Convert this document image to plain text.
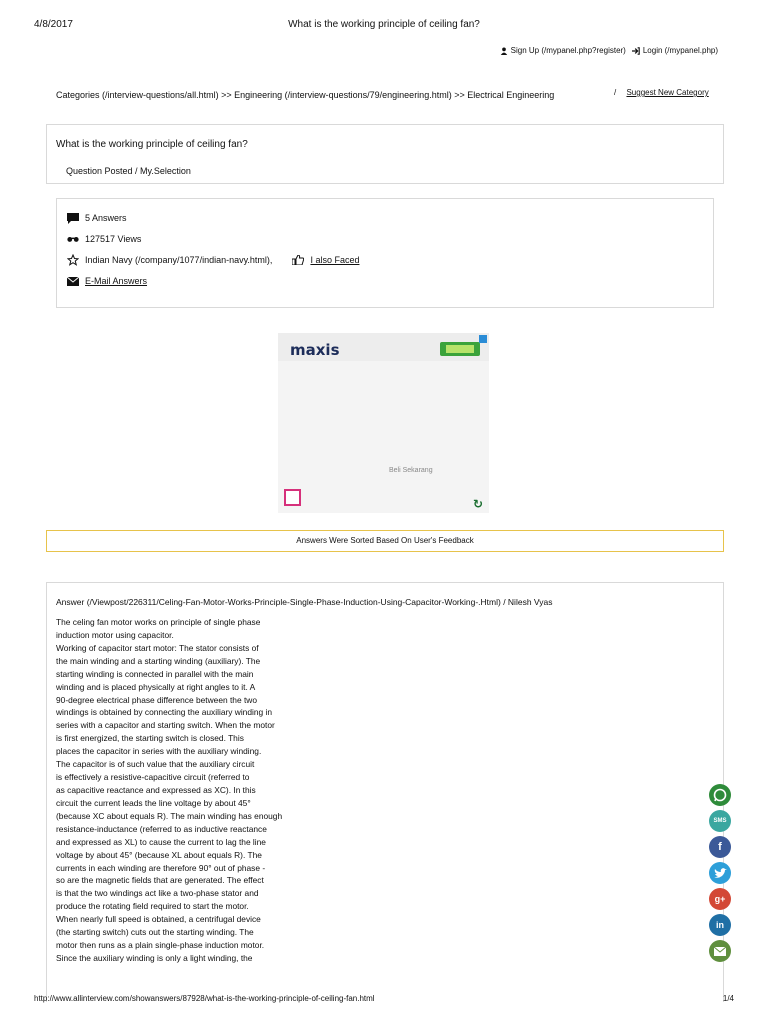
4/8/2017	What is the working principle of ceiling fan?
Sign Up (/mypanel.php?register) Login (/mypanel.php)
Categories (/interview-questions/all.html) >> Engineering (/interview-questions/79/engineering.html) >> Electrical Engineering	/ Suggest New Category
What is the working principle of ceiling fan?
Question Posted / My.Selection
5 Answers
127517 Views
Indian Navy (/company/1077/indian-navy.html),	I also Faced
E-Mail Answers
maxis
Beli Sekarang
↻
Answers Were Sorted Based On User's Feedback
Answer (/Viewpost/226311/Celing-Fan-Motor-Works-Principle-Single-Phase-Induction-Using-Capacitor-Working-.Html) / Nilesh Vyas
The celing fan motor works on principle of single phase
induction motor using capacitor.
Working of capacitor start motor: The stator consists of
the main winding and a starting winding (auxiliary). The
starting winding is connected in parallel with the main
winding and is placed physically at right angles to it. A
90-degree electrical phase difference between the two
windings is obtained by connecting the auxiliary winding in
series with a capacitor and starting switch. When the motor
is first energized, the starting switch is closed. This
places the capacitor in series with the auxiliary winding.
The capacitor is of such value that the auxiliary circuit
is effectively a resistive-capacitive circuit (referred to
as capacitive reactance and expressed as XC). In this
circuit the current leads the line voltage by about 45°
(because XC about equals R). The main winding has enough
resistance-inductance (referred to as inductive reactance
and expressed as XL) to cause the current to lag the line
voltage by about 45° (because XL about equals R). The
currents in each winding are therefore 90° out of phase -
so are the magnetic fields that are generated. The effect
is that the two windings act like a two-phase stator and
produce the rotating field required to start the motor.
When nearly full speed is obtained, a centrifugal device
(the starting switch) cuts out the starting winding. The
motor then runs as a plain single-phase induction motor.
Since the auxiliary winding is only a light winding, the
SMS
f
g+
in
http://www.allinterview.com/showanswers/87928/what-is-the-working-principle-of-ceiling-fan.html	1/4
